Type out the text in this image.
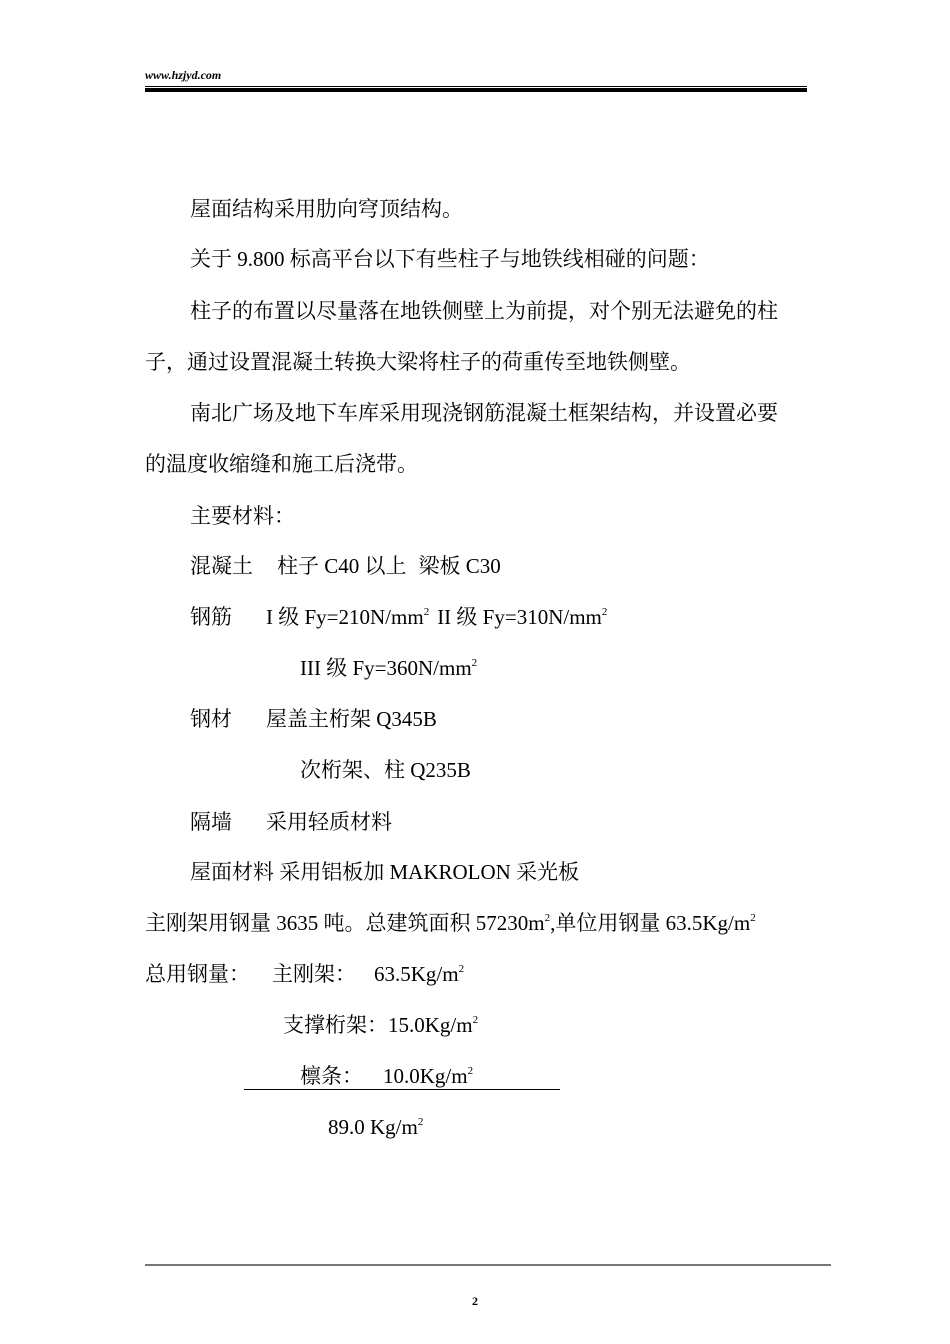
www.hzjyd.com
屋面结构采用肋向穹顶结构。
关于 9.800 标高平台以下有些柱子与地铁线相碰的问题：
柱子的布置以尽量落在地铁侧壁上为前提，对个别无法避免的柱
子，通过设置混凝土转换大梁将柱子的荷重传至地铁侧壁。
南北广场及地下车库采用现浇钢筋混凝土框架结构，并设置必要
的温度收缩缝和施工后浇带。
主要材料：
混凝土 柱子 C40 以上 梁板 C30
钢筋 I 级 $Fy=210N/mm^2$ II 级 $Fy=310N/mm^2$
III 级 $Fy=360N/mm^2$
钢材 屋盖主桁架 Q345B
次桁架、柱 Q235B
隔墙 采用轻质材料
屋面材料 采用铝板加 MAKROLON 采光板
主刚架用钢量 3635 吨。总建筑面积 $57230m^2$,单位用钢量 $63.5Kg/m^2$
总用钢量： 主刚架： $63.5Kg/m^2$
支撑桁架：$15.0Kg/m^2$
檩条： $10.0Kg/m^2$
89.0 $Kg/m^2$
2
